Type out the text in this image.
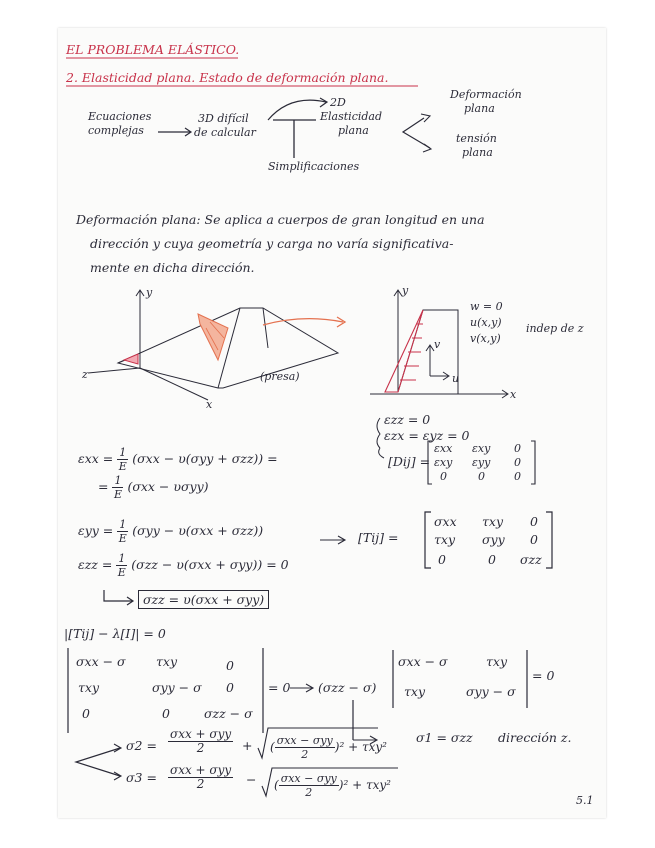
EL PROBLEMA ELÁSTICO.
2. Elasticidad plana. Estado de deformación plana.
Ecuaciones
complejas
3D difícil
de calcular
2D
Elasticidad
plana
Simplificaciones
Deformación
plana
tensión
plana
Deformación plana: Se aplica a cuerpos de gran longitud en una
dirección y cuya geometría y carga no varía significativa-
mente en dicha dirección.
y
z
x
(presa)
y
x
v
u
w = 0
u(x,y)
v(x,y)
indep de z
εzz = 0
εzx = εyz = 0
[Dij] =
εxx εxy 0
εxy εyy 0
0	0	0
$\varepsilon xx = \frac{1}{E} (\sigma xx - \upsilon(\sigma yy + \sigma zz))$ =
= $\frac{1}{E} (\sigma xx - \upsilon\sigma yy)$
$\varepsilon yy = \frac{1}{E} (\sigma yy - \upsilon(\sigma xx + \sigma zz))$
$\varepsilon zz = \frac{1}{E} (\sigma zz - \upsilon(\sigma xx + \sigma yy)) = 0$
σzz = υ(σxx + σyy)
[Tij] =
σxx τxy 0
τxy σyy 0
0	0 σzz
|[Tij] − λ[I]| = 0
σxx − σ τxy	0
τxy	σyy − σ 0
0	0	σzz − σ
= 0 (σzz − σ)
σxx − σ	τxy
τxy	σyy − σ
= 0
σ2 =
σxx + σyy
2	+ ( $\frac{\text{σxx − σyy}}{2} )^2 + \tau xy^2$
σ1 = σzz dirección z.
σ3 = σxx + σyy
2	− ( $\frac{\text{σxx − σyy}}{2} )^2 + \tau xy^2$
5.1
